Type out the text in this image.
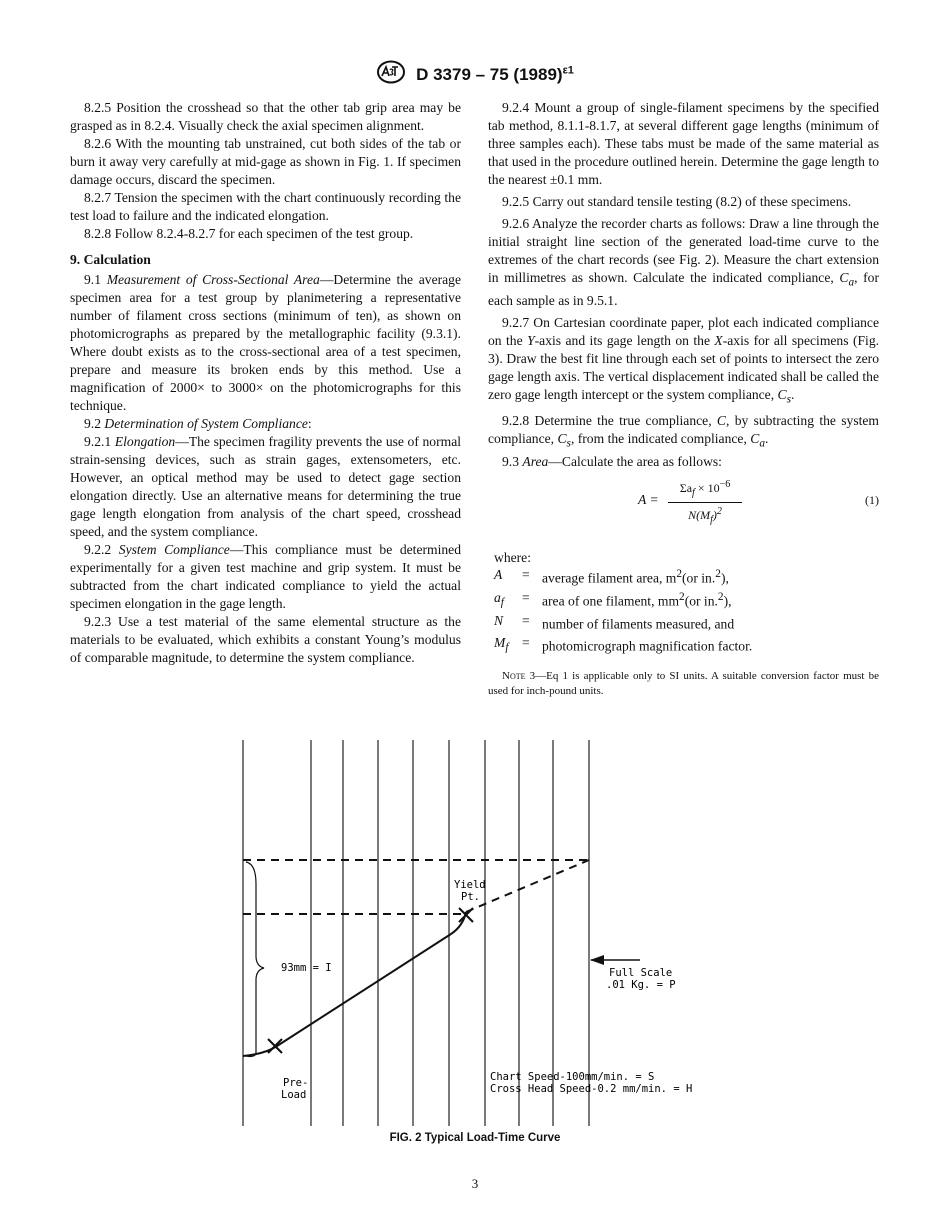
D 3379 – 75 $(1989)^{\varepsilon 1}$

8.2.5 Position the crosshead so that the other tab grip area may be grasped as in 8.2.4. Visually check the axial specimen alignment.

8.2.6 With the mounting tab unstrained, cut both sides of the tab or burn it away very carefully at mid-gage as shown in Fig. 1. If specimen damage occurs, discard the specimen.

8.2.7 Tension the specimen with the chart continuously recording the test load to failure and the indicated elongation.

8.2.8 Follow 8.2.4-8.2.7 for each specimen of the test group.

9. Calculation

9.1 Measurement of Cross-Sectional Area—Determine the average specimen area for a test group by planimetering a representative number of filament cross sections (minimum of ten), as shown on photomicrographs as prepared by the metallographic facility (9.3.1). Where doubt exists as to the cross-sectional area of a test specimen, prepare and measure its broken ends by this method. Use a magnification of 2000× to 3000× on the photomicrographs for this technique.

9.2 Determination of System Compliance:

9.2.1 Elongation—The specimen fragility prevents the use of normal strain-sensing devices, such as strain gages, extensometers, etc. However, an optical method may be used to detect gage section elongation directly. Use an alternative means for determining the true gage length elongation from analysis of the chart speed, crosshead speed, and the system compliance.

9.2.2 System Compliance—This compliance must be determined experimentally for a given test machine and grip system. It must be subtracted from the chart indicated compliance to yield the actual specimen elongation in the gage length.

9.2.3 Use a test material of the same elemental structure as the materials to be evaluated, which exhibits a constant Young’s modulus of comparable magnitude, to determine the system compliance.

9.2.4 Mount a group of single-filament specimens by the specified tab method, 8.1.1-8.1.7, at several different gage lengths (minimum of three samples each). These tabs must be made of the same material as that used in the procedure outlined herein. Determine the gage length to the nearest ±0.1 mm.

9.2.5 Carry out standard tensile testing (8.2) of these specimens.

9.2.6 Analyze the recorder charts as follows: Draw a line through the initial straight line section of the generated load-time curve to the extremes of the chart records (see Fig. 2). Measure the chart extension in millimetres as shown. Calculate the indicated compliance, $C_a$, for each sample as in 9.5.1.

9.2.7 On Cartesian coordinate paper, plot each indicated compliance on the Y-axis and its gage length on the X-axis for all specimens (Fig. 3). Draw the best fit line through each set of points to intersect the zero gage length axis. The vertical displacement indicated shall be called the zero gage length intercept or the system compliance, $C_s$.

9.2.8 Determine the true compliance, C, by subtracting the system compliance, $C_s$, from the indicated compliance, $C_a$.

9.3 Area—Calculate the area as follows:

A =
$\Sigma a_f \times 10^{-6}$
$N(M_f)^2$
(1)
where:
A	= average filament area, $m^2(or$ in.$^2$),
$a_f$	= area of one filament, $mm^2(or$ in.$^2$),
N	= number of filaments measured, and
$M_f$ = photomicrograph magnification factor.
Note 3—Eq 1 is applicable only to SI units. A suitable conversion factor must be used for inch-pound units.
Yield
Pt.
93mm = I	Full Scale
.01 Kg. = P
Pre-
Load
Chart Speed-100mm/min. = S
Cross Head Speed-0.2 mm/min. = H
FIG. 2 Typical Load-Time Curve
3
